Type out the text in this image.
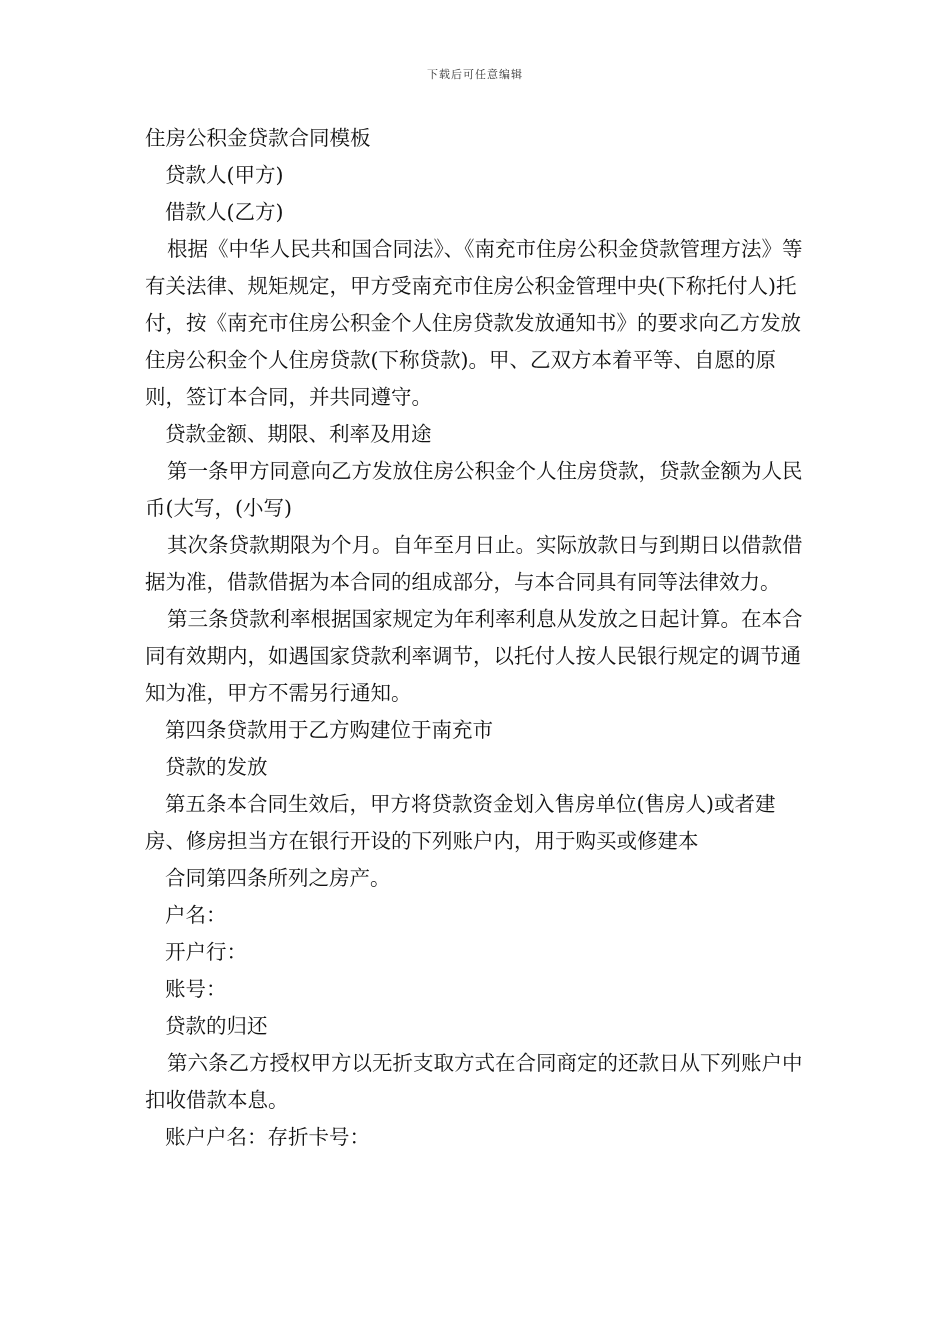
下载后可任意编辑

住房公积金贷款合同模板

贷款人(甲方)

借款人(乙方)

根据《中华人民共和国合同法》、《南充市住房公积金贷款管理方法》等有关法律、规矩规定，甲方受南充市住房公积金管理中央(下称托付人)托付，按《南充市住房公积金个人住房贷款发放通知书》的要求向乙方发放住房公积金个人住房贷款(下称贷款)。甲、乙双方本着平等、自愿的原则，签订本合同，并共同遵守。

贷款金额、期限、利率及用途

第一条甲方同意向乙方发放住房公积金个人住房贷款，贷款金额为人民币(大写，(小写)

其次条贷款期限为个月。自年至月日止。实际放款日与到期日以借款借据为准，借款借据为本合同的组成部分，与本合同具有同等法律效力。

第三条贷款利率根据国家规定为年利率利息从发放之日起计算。在本合同有效期内，如遇国家贷款利率调节，以托付人按人民银行规定的调节通知为准，甲方不需另行通知。

第四条贷款用于乙方购建位于南充市

贷款的发放

第五条本合同生效后，甲方将贷款资金划入售房单位(售房人)或者建房、修房担当方在银行开设的下列账户内，用于购买或修建本

合同第四条所列之房产。

户名：

开户行：

账号：

贷款的归还

第六条乙方授权甲方以无折支取方式在合同商定的还款日从下列账户中扣收借款本息。

账户户名：存折卡号：
